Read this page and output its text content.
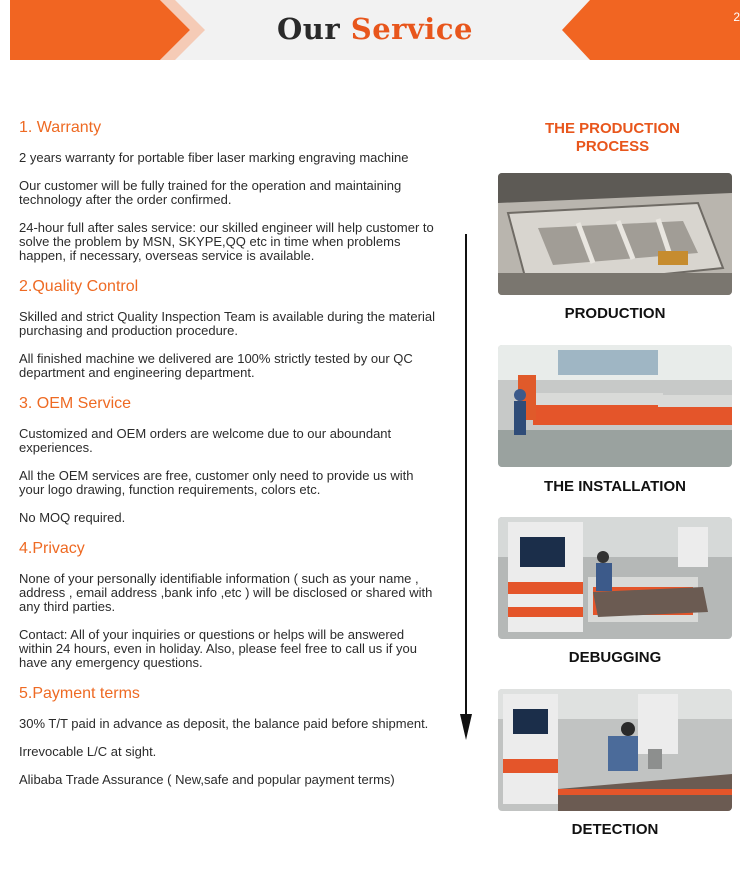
Our Service	2
1. Warranty

2 years warranty for portable fiber laser marking engraving machine

Our customer will be fully trained for the operation and maintaining technology after the order confirmed.

24-hour full after sales service: our skilled engineer will help customer to solve the problem by MSN, SKYPE,QQ etc in time when problems happen, if necessary, overseas service is available.

2.Quality Control

Skilled and strict Quality Inspection Team is available during the material purchasing and production procedure.

All finished machine we delivered are 100% strictly tested by our QC department and engineering department.

3. OEM Service

Customized and OEM orders are welcome due to our aboundant experiences.

All the OEM services are free, customer only need to provide us with your logo drawing, function requirements, colors etc.

No MOQ required.

4.Privacy

None of your personally identifiable information ( such as your name , address , email address ,bank info ,etc ) will be disclosed or shared with any third parties.

Contact: All of your inquiries or questions or helps will be answered within 24 hours, even in holiday. Also, please feel free to call us if you have any emergency questions.

5.Payment terms

30% T/T paid in advance as deposit, the balance paid before shipment.

Irrevocable L/C at sight.

Alibaba Trade Assurance ( New,safe and popular payment terms)

THE PRODUCTION PROCESS
PRODUCTION
THE INSTALLATION
DEBUGGING
DETECTION
